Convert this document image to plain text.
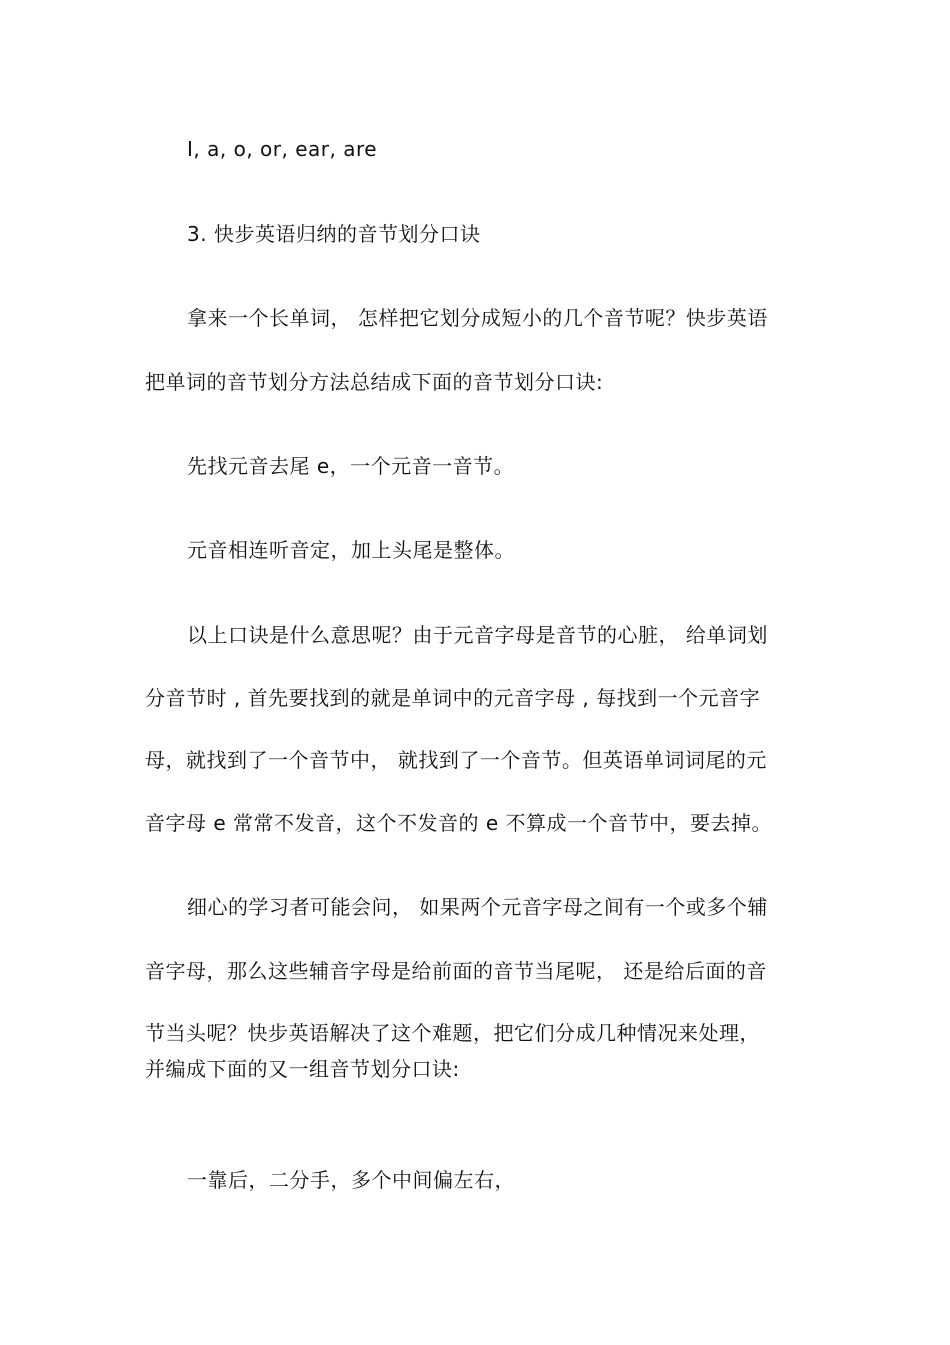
I, a, o, or, ear, are
3. 快步英语归纳的音节划分口诀
拿来一个长单词， 怎样把它划分成短小的几个音节呢？快步英语
把单词的音节划分方法总结成下面的音节划分口诀:
先找元音去尾 e，一个元音一音节。
元音相连听音定，加上头尾是整体。
以上口诀是什么意思呢？由于元音字母是音节的心脏， 给单词划
分音节时 , 首先要找到的就是单词中的元音字母 , 每找到一个元音字
母，就找到了一个音节中， 就找到了一个音节。但英语单词词尾的元
音字母 e 常常不发音，这个不发音的 e 不算成一个音节中，要去掉。
细心的学习者可能会问， 如果两个元音字母之间有一个或多个辅
音字母，那么这些辅音字母是给前面的音节当尾呢， 还是给后面的音
节当头呢？快步英语解决了这个难题，把它们分成几种情况来处理，
并编成下面的又一组音节划分口诀:
一靠后，二分手，多个中间偏左右，
